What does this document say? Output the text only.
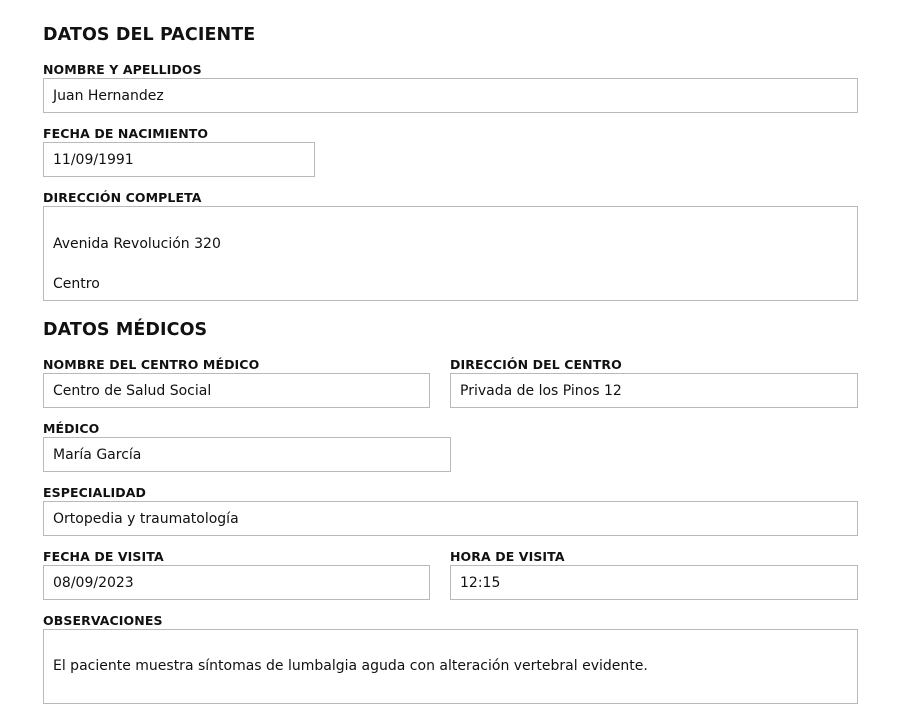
DATOS DEL PACIENTE
NOMBRE Y APELLIDOS
Juan Hernandez
FECHA DE NACIMIENTO
11/09/1991
DIRECCIÓN COMPLETA

Avenida Revolución 320

Centro

DATOS MÉDICOS
NOMBRE DEL CENTRO MÉDICO
Centro de Salud Social
DIRECCIÓN DEL CENTRO
Privada de los Pinos 12
MÉDICO
María García
ESPECIALIDAD
Ortopedia y traumatología
FECHA DE VISITA
08/09/2023
HORA DE VISITA
12:15
OBSERVACIONES

El paciente muestra síntomas de lumbalgia aguda con alteración vertebral evidente.
